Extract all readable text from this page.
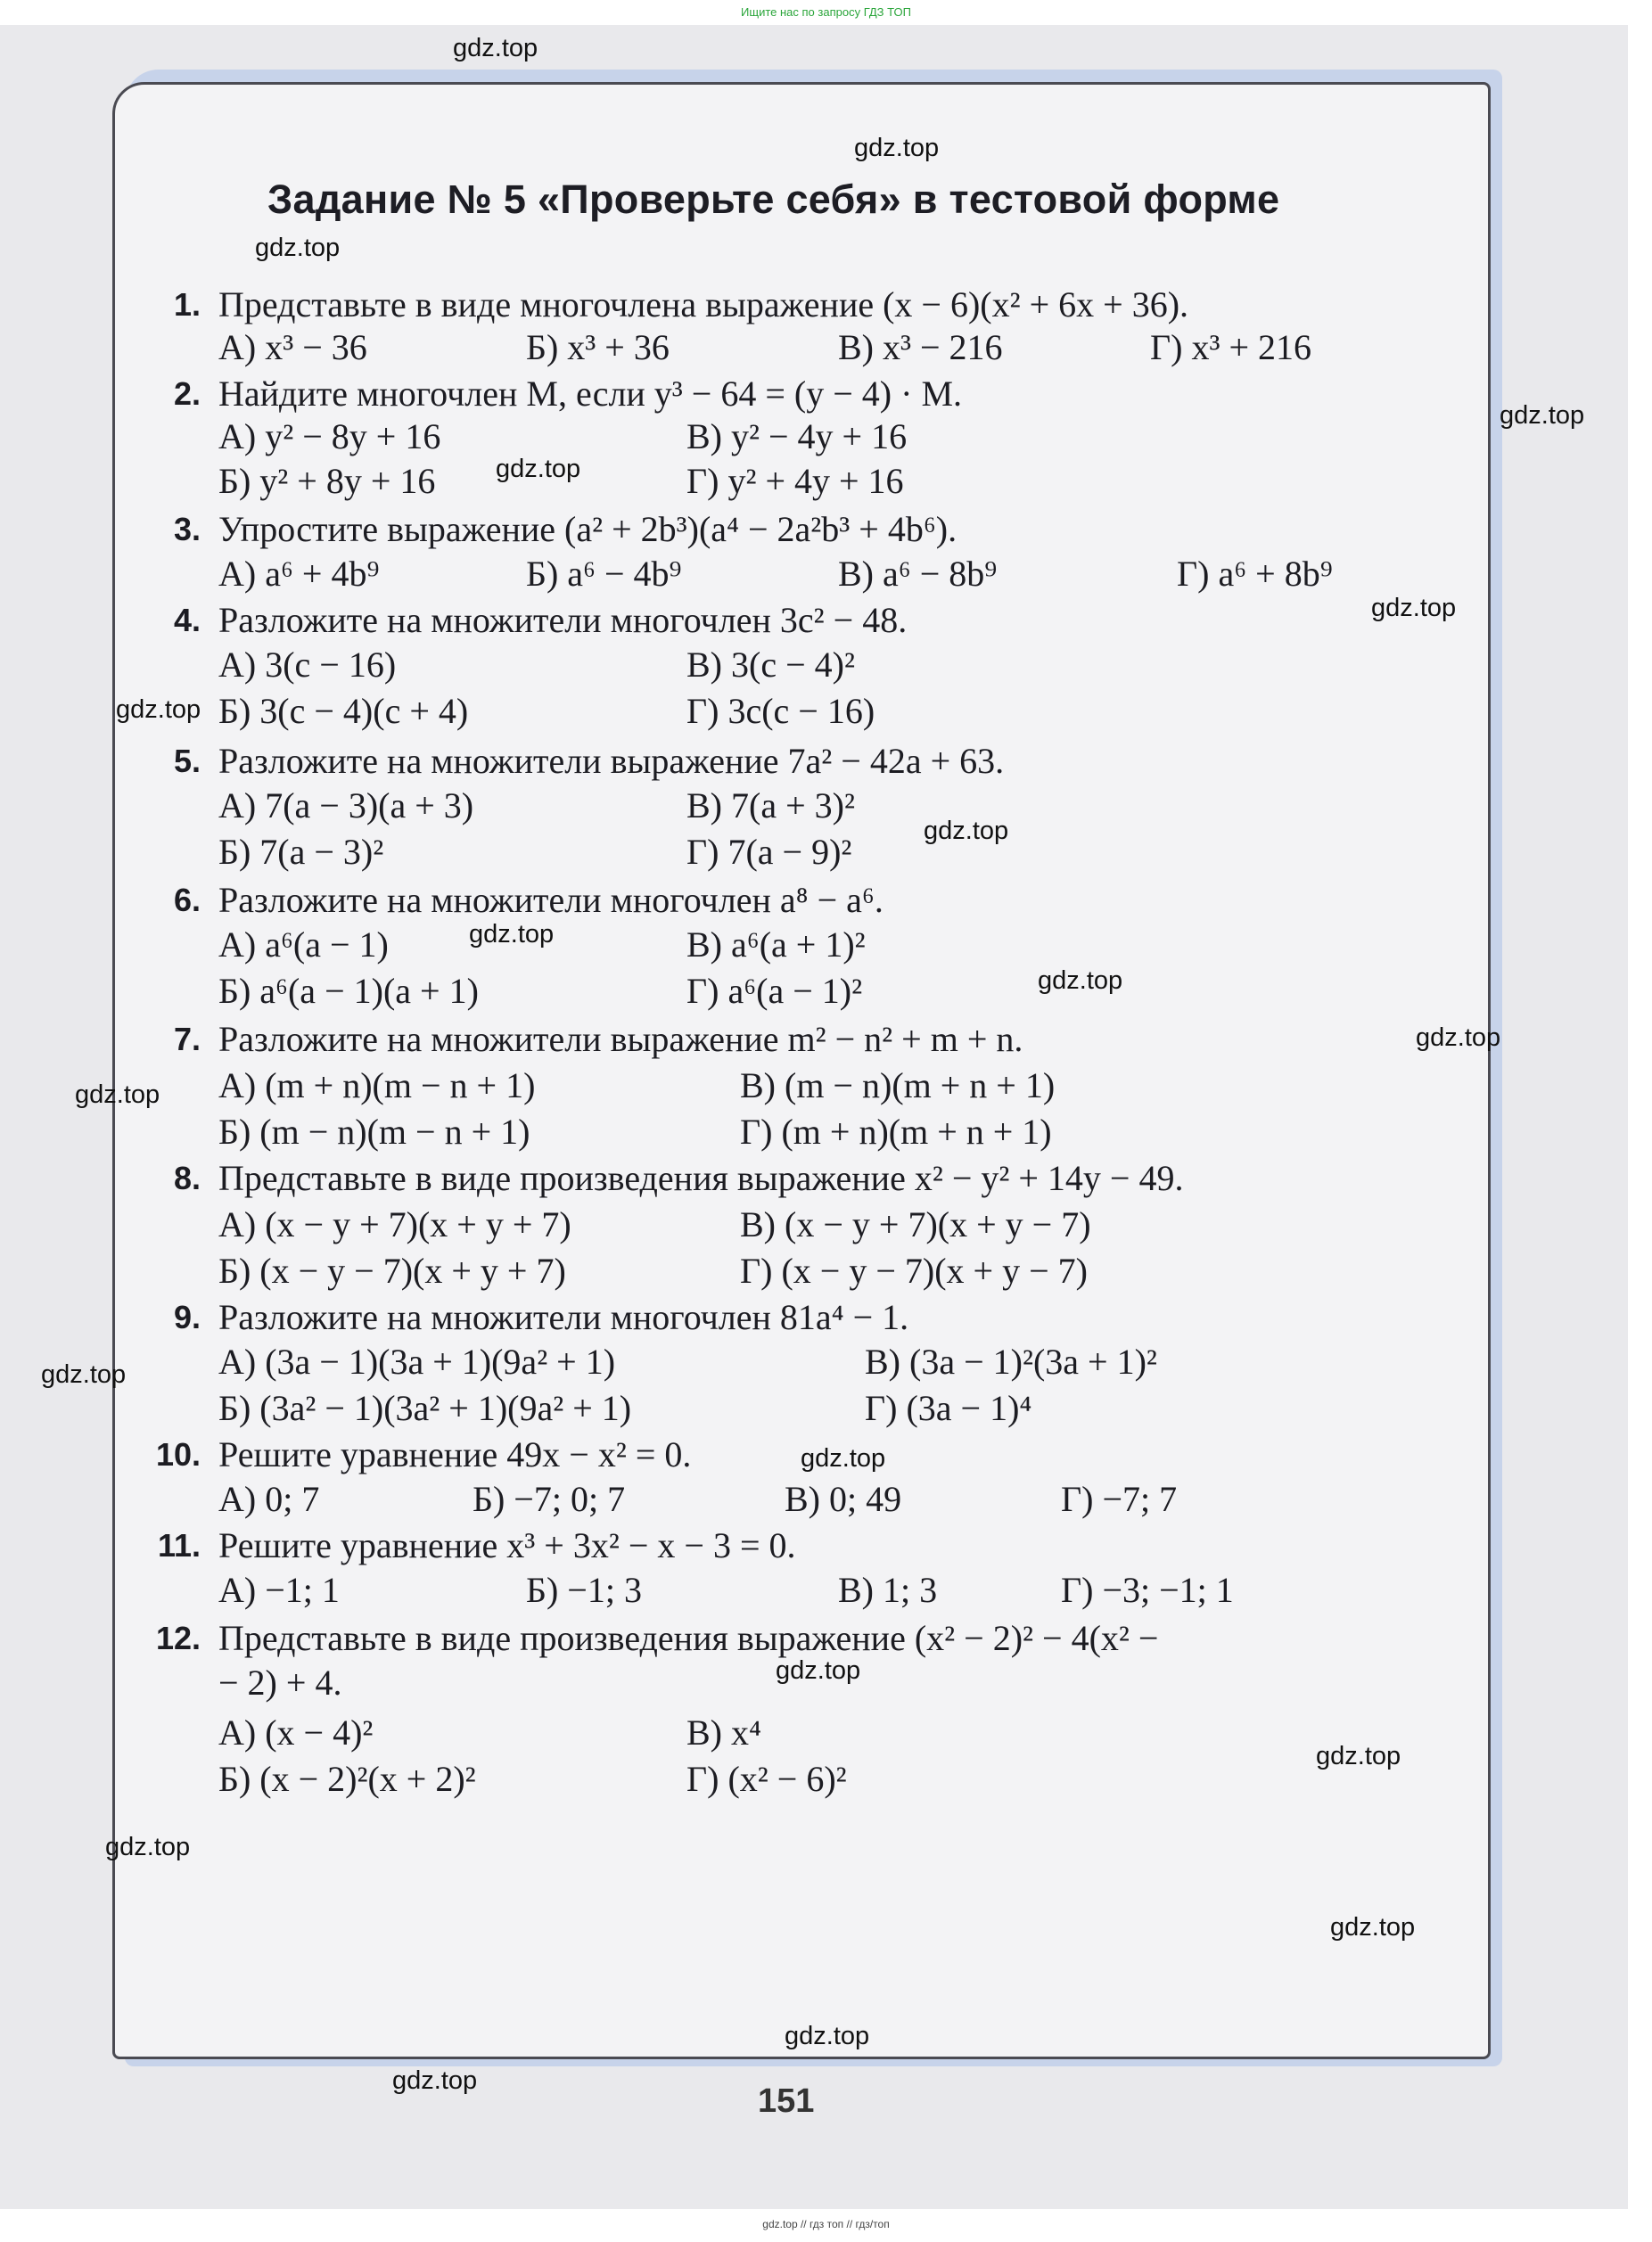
Ищите нас по запросу ГДЗ ТОП
Задание № 5 «Проверьте себя» в тестовой форме
1. Представьте в виде многочлена выражение (x − 6)(x² + 6x + 36).
А) x³ − 36	Б) x³ + 36	В) x³ − 216	Г) x³ + 216
2. Найдите многочлен M, если y³ − 64 = (y − 4) · M.
А) y² − 8y + 16	В) y² − 4y + 16
Б) y² + 8y + 16	Г) y² + 4y + 16
3. Упростите выражение (a² + 2b³)(a⁴ − 2a²b³ + 4b⁶).
А) a⁶ + 4b⁹	Б) a⁶ − 4b⁹	В) a⁶ − 8b⁹	Г) a⁶ + 8b⁹
4. Разложите на множители многочлен 3c² − 48.
А) 3(c − 16)	В) 3(c − 4)²
Б) 3(c − 4)(c + 4)	Г) 3c(c − 16)
5. Разложите на множители выражение 7a² − 42a + 63.
А) 7(a − 3)(a + 3)	В) 7(a + 3)²
Б) 7(a − 3)²	Г) 7(a − 9)²
6. Разложите на множители многочлен a⁸ − a⁶.
А) a⁶(a − 1)	В) a⁶(a + 1)²
Б) a⁶(a − 1)(a + 1)	Г) a⁶(a − 1)²
7. Разложите на множители выражение m² − n² + m + n.
А) (m + n)(m − n + 1)	В) (m − n)(m + n + 1)
Б) (m − n)(m − n + 1)	Г) (m + n)(m + n + 1)
8. Представьте в виде произведения выражение x² − y² + 14y − 49.
А) (x − y + 7)(x + y + 7)	В) (x − y + 7)(x + y − 7)
Б) (x − y − 7)(x + y + 7)	Г) (x − y − 7)(x + y − 7)
9. Разложите на множители многочлен 81a⁴ − 1.
А) (3a − 1)(3a + 1)(9a² + 1)	В) (3a − 1)²(3a + 1)²
Б) (3a² − 1)(3a² + 1)(9a² + 1)	Г) (3a − 1)⁴
10. Решите уравнение 49x − x² = 0.
А) 0; 7	Б) −7; 0; 7	В) 0; 49	Г) −7; 7
11. Решите уравнение x³ + 3x² − x − 3 = 0.
А) −1; 1	Б) −1; 3	В) 1; 3	Г) −3; −1; 1
12. Представьте в виде произведения выражение (x² − 2)² − 4(x² −
− 2) + 4.
А) (x − 4)²	В) x⁴
Б) (x − 2)²(x + 2)²	Г) (x² − 6)²
gdz.top
gdz.top
gdz.top
gdz.top
gdz.top
gdz.top
gdz.top
gdz.top
gdz.top
gdz.top
gdz.top
gdz.top
gdz.top
gdz.top
gdz.top
gdz.top
gdz.top
gdz.top
gdz.top
gdz.top
151
gdz.top // гдз топ // гдз/топ
